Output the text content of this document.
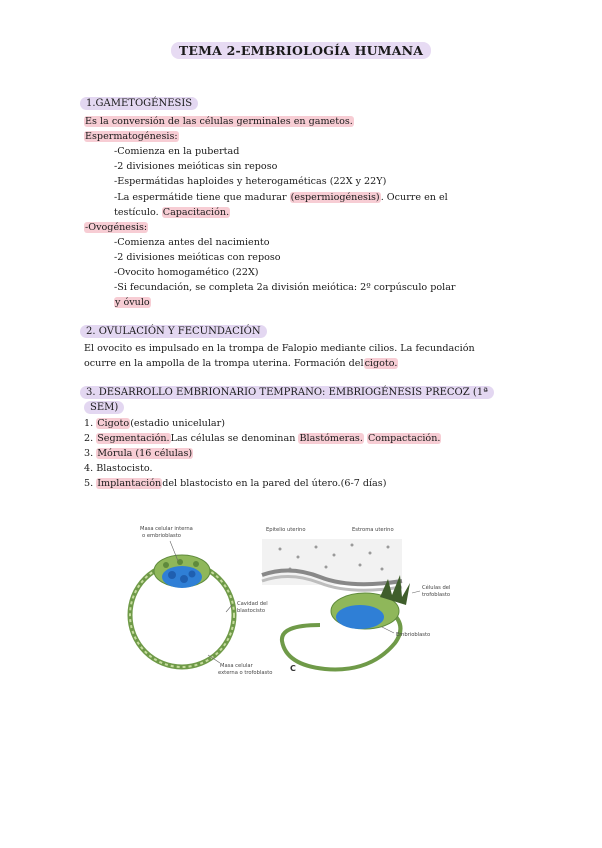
TEMA 2-EMBRIOLOGÍA HUMANA
1.GAMETOGÉNESIS
Es la conversión de las células germinales en gametos.
Espermatogénesis:
-Comienza en la pubertad
-2 divisiones meióticas sin reposo
-Espermátidas haploides y heterogaméticas (22X y 22Y)
-La espermátide tiene que madurar (espermiogénesis). Ocurre en el
testículo. Capacitación.
-Ovogénesis:
-Comienza antes del nacimiento
-2 divisiones meióticas con reposo
-Ovocito homogamético (22X)
-Si fecundación, se completa 2a división meiótica: 2º corpúsculo polar
y óvulo
2. OVULACIÓN Y FECUNDACIÓN
El ovocito es impulsado en la trompa de Falopio mediante cilios. La fecundación
ocurre en la ampolla de la trompa uterina. Formación delcigoto.
3. DESARROLLO EMBRIONARIO TEMPRANO: EMBRIOGÉNESIS PRECOZ (1ª
SEM)
1. Cigoto(estadio unicelular)
2. Segmentación.Las células se denominan Blastómeras. Compactación.
3. Mórula (16 células)
4. Blastocisto.
5. Implantacióndel blastocisto en la pared del útero.(6-7 días)
Masa celular interna
o embrioblasto
Cavidad del
blastocisto
Masa celular
externa o trofoblasto
Epitelio uterino	Estroma uterino
Células del
trofoblasto
Embrioblasto
C
